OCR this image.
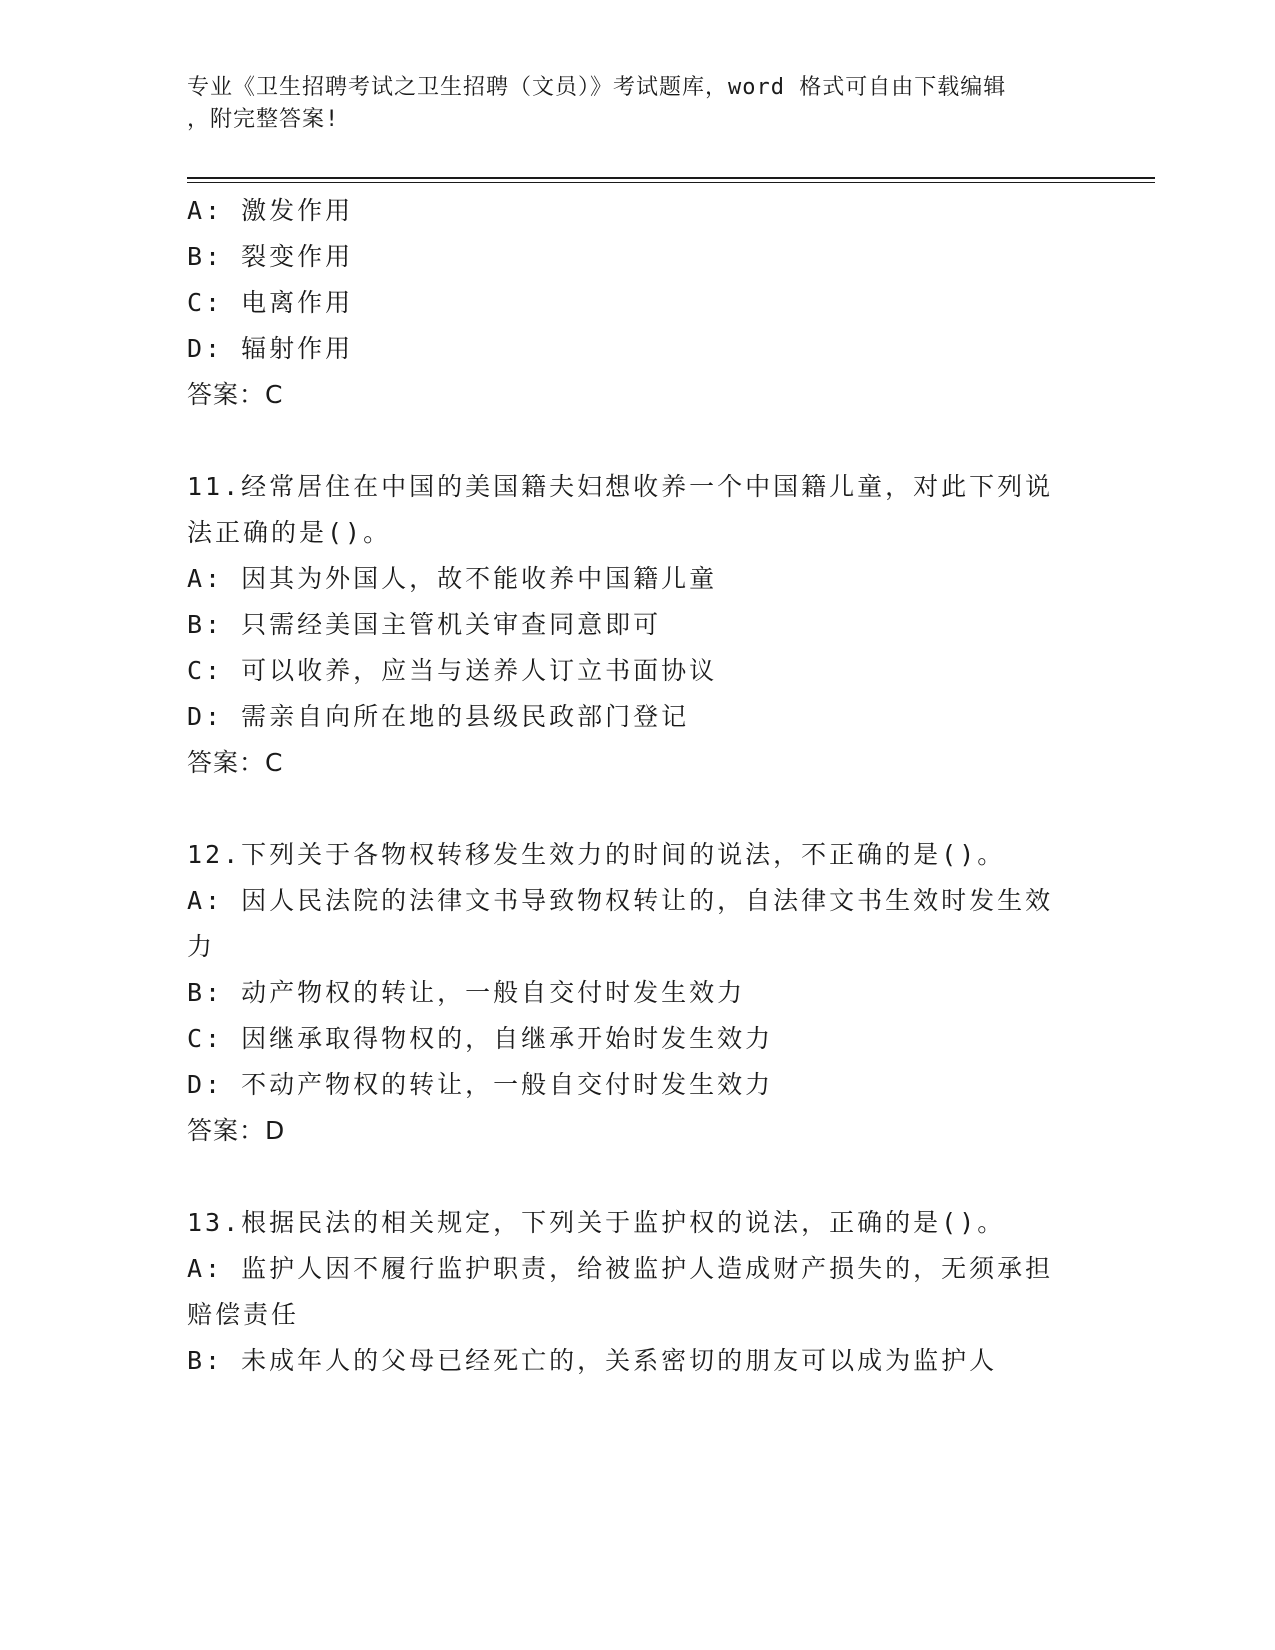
专业《卫生招聘考试之卫生招聘（文员）》考试题库，word 格式可自由下载编辑
，附完整答案!
A: 激发作用
B: 裂变作用
C: 电离作用
D: 辐射作用
答案：C
11.经常居住在中国的美国籍夫妇想收养一个中国籍儿童，对此下列说
法正确的是()。
A: 因其为外国人，故不能收养中国籍儿童
B: 只需经美国主管机关审查同意即可
C: 可以收养，应当与送养人订立书面协议
D: 需亲自向所在地的县级民政部门登记
答案：C
12.下列关于各物权转移发生效力的时间的说法，不正确的是()。
A: 因人民法院的法律文书导致物权转让的，自法律文书生效时发生效
力
B: 动产物权的转让，一般自交付时发生效力
C: 因继承取得物权的，自继承开始时发生效力
D: 不动产物权的转让，一般自交付时发生效力
答案：D
13.根据民法的相关规定，下列关于监护权的说法，正确的是()。
A: 监护人因不履行监护职责，给被监护人造成财产损失的，无须承担
赔偿责任
B: 未成年人的父母已经死亡的，关系密切的朋友可以成为监护人
